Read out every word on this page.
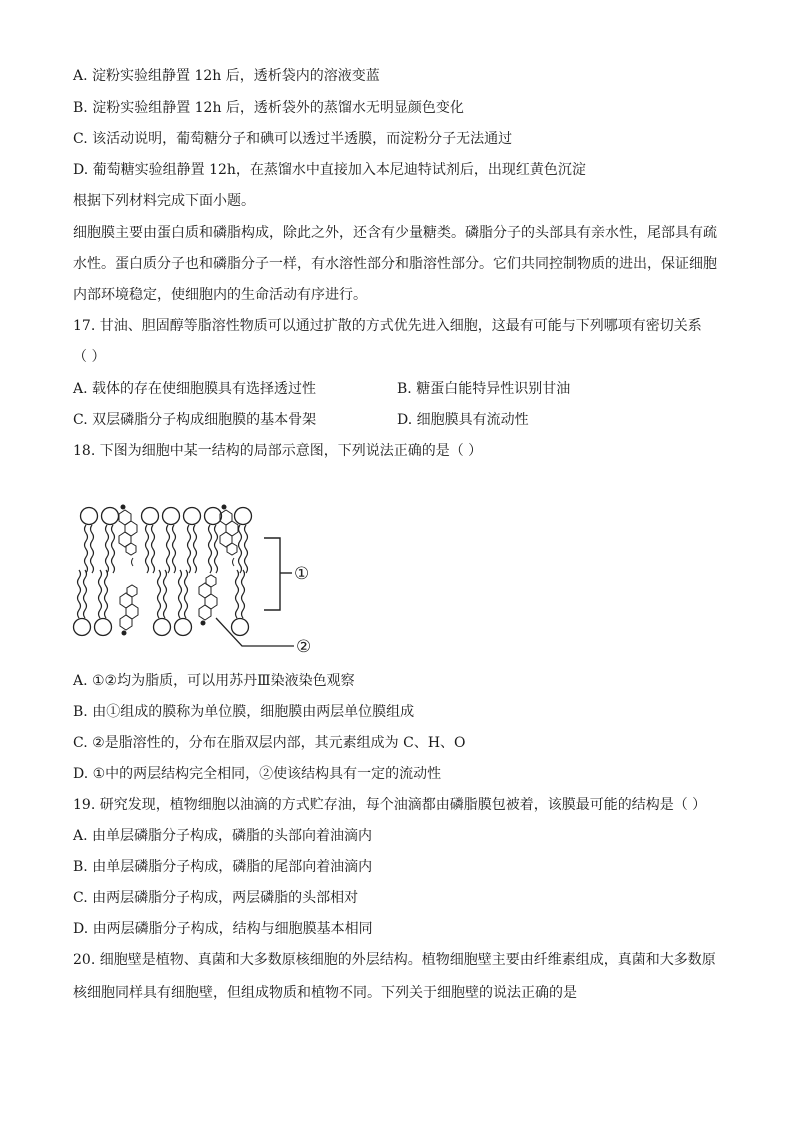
A. 淀粉实验组静置 12h 后，透析袋内的溶液变蓝
B. 淀粉实验组静置 12h 后，透析袋外的蒸馏水无明显颜色变化
C. 该活动说明，葡萄糖分子和碘可以透过半透膜，而淀粉分子无法通过
D. 葡萄糖实验组静置 12h，在蒸馏水中直接加入本尼迪特试剂后，出现红黄色沉淀
根据下列材料完成下面小题。
细胞膜主要由蛋白质和磷脂构成，除此之外，还含有少量糖类。磷脂分子的头部具有亲水性，尾部具有疏
水性。蛋白质分子也和磷脂分子一样，有水溶性部分和脂溶性部分。它们共同控制物质的进出，保证细胞
内部环境稳定，使细胞内的生命活动有序进行。
17. 甘油、胆固醇等脂溶性物质可以通过扩散的方式优先进入细胞，这最有可能与下列哪项有密切关系
（ ）
A. 载体的存在使细胞膜具有选择透过性	B. 糖蛋白能特异性识别甘油
C. 双层磷脂分子构成细胞膜的基本骨架	D. 细胞膜具有流动性
18. 下图为细胞中某一结构的局部示意图，下列说法正确的是（ ）
①
②
A. ①②均为脂质，可以用苏丹Ⅲ染液染色观察
B. 由①组成的膜称为单位膜，细胞膜由两层单位膜组成
C. ②是脂溶性的，分布在脂双层内部，其元素组成为 C、H、O
D. ①中的两层结构完全相同，②使该结构具有一定的流动性
19. 研究发现，植物细胞以油滴的方式贮存油，每个油滴都由磷脂膜包被着，该膜最可能的结构是（ ）
A. 由单层磷脂分子构成，磷脂的头部向着油滴内
B. 由单层磷脂分子构成，磷脂的尾部向着油滴内
C. 由两层磷脂分子构成，两层磷脂的头部相对
D. 由两层磷脂分子构成，结构与细胞膜基本相同
20. 细胞壁是植物、真菌和大多数原核细胞的外层结构。植物细胞壁主要由纤维素组成，真菌和大多数原
核细胞同样具有细胞壁，但组成物质和植物不同。下列关于细胞壁的说法正确的是
